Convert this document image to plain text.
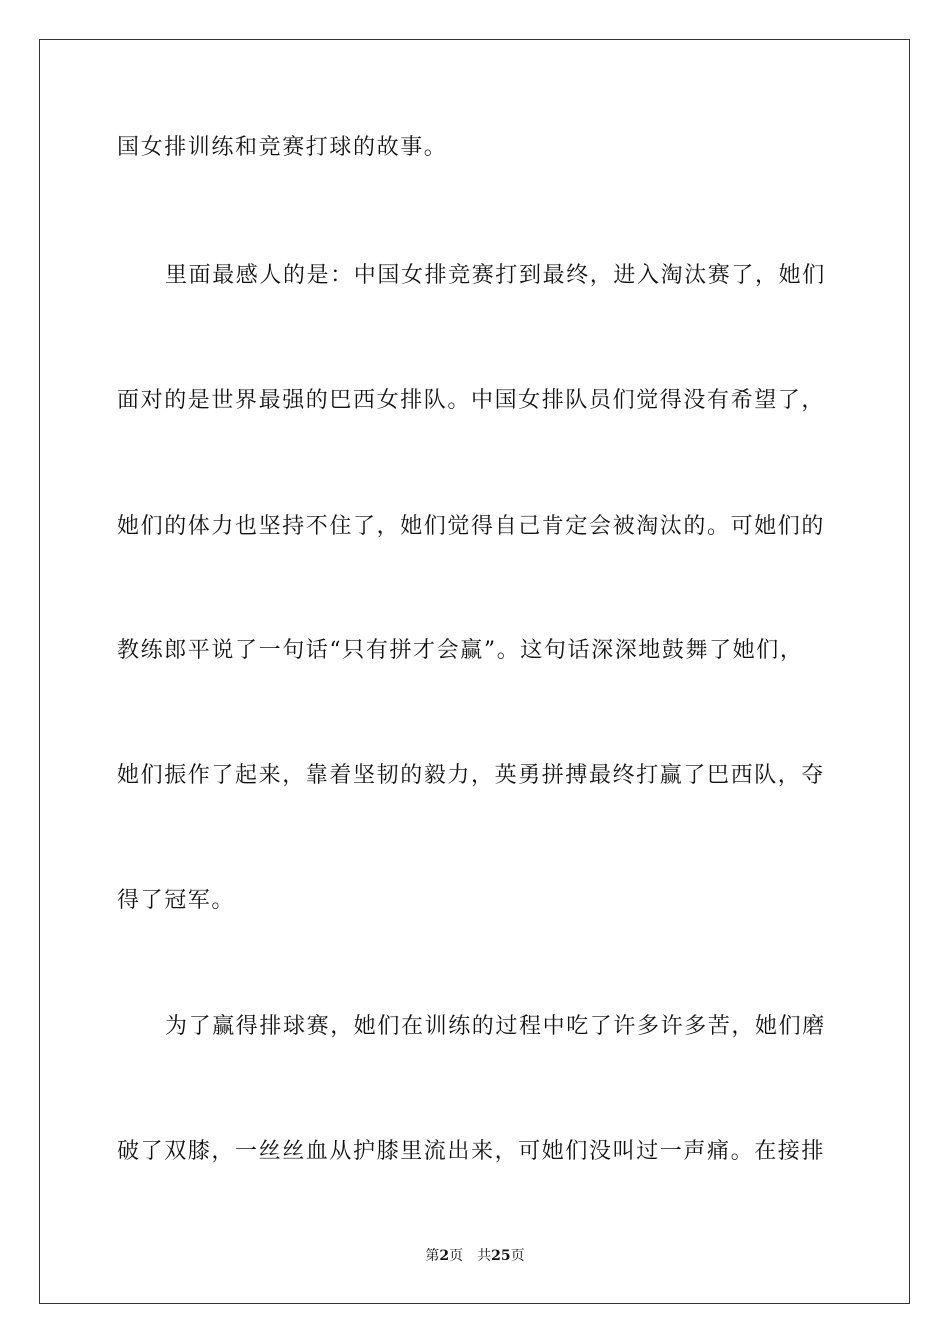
国女排训练和竞赛打球的故事。
里面最感人的是：中国女排竞赛打到最终，进入淘汰赛了，她们
面对的是世界最强的巴西女排队。中国女排队员们觉得没有希望了，
她们的体力也坚持不住了，她们觉得自己肯定会被淘汰的。可她们的
教练郎平说了一句话“只有拼才会赢”。这句话深深地鼓舞了她们，
她们振作了起来，靠着坚韧的毅力，英勇拼搏最终打赢了巴西队，夺
得了冠军。
为了赢得排球赛，她们在训练的过程中吃了许多许多苦，她们磨
破了双膝，一丝丝血从护膝里流出来，可她们没叫过一声痛。在接排
第2页 共25页
